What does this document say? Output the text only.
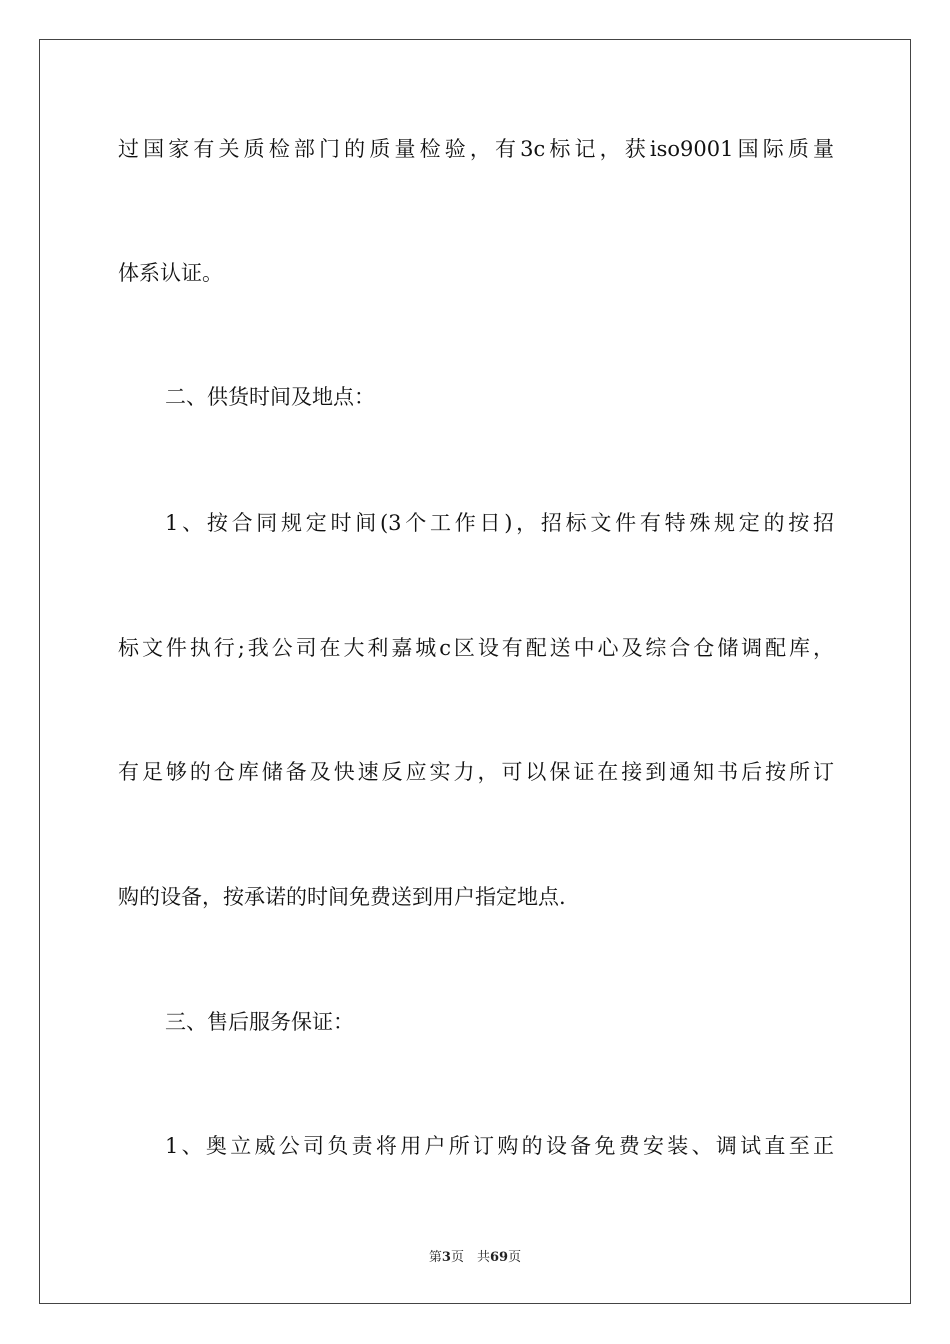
过国家有关质检部门的质量检验，有3c标记，获iso9001国际质量
体系认证。
二、供货时间及地点：
1、按合同规定时间(3个工作日)，招标文件有特殊规定的按招
标文件执行;我公司在大利嘉城c区设有配送中心及综合仓储调配库，
有足够的仓库储备及快速反应实力，可以保证在接到通知书后按所订
购的设备，按承诺的时间免费送到用户指定地点.
三、售后服务保证：
1、奥立威公司负责将用户所订购的设备免费安装、调试直至正
第3页　共69页
